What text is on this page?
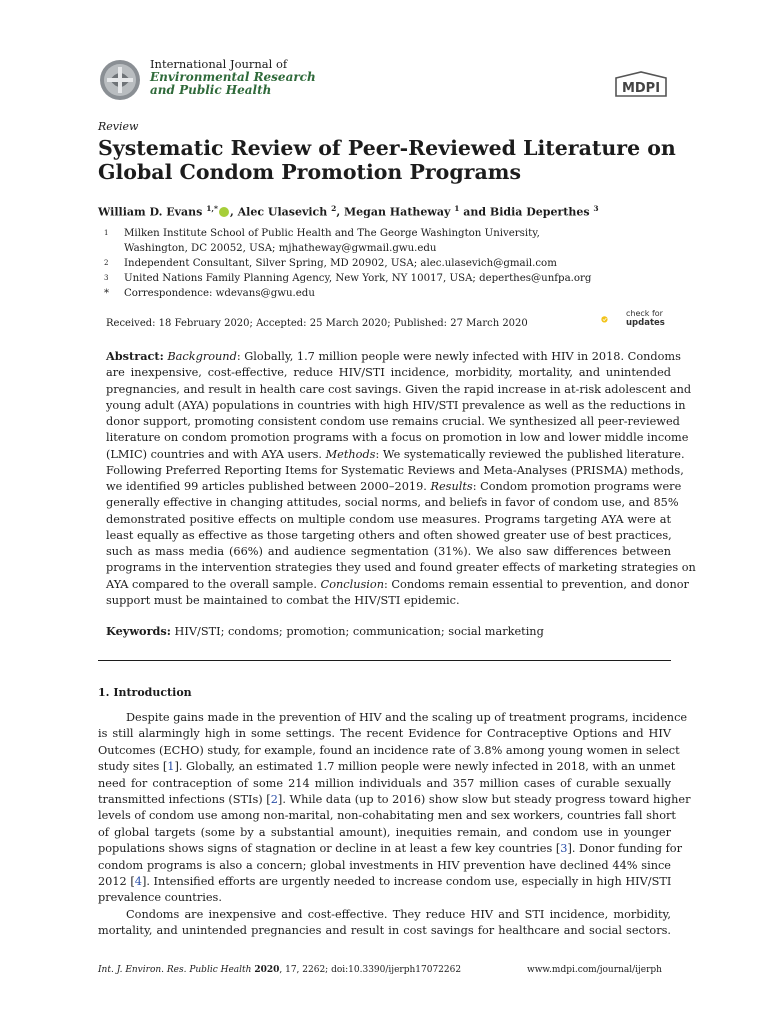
International Journal of
Environmental Research
and Public Health	MDPI
Review
Systematic Review of Peer-Reviewed Literature on
Global Condom Promotion Programs
William D. Evans $^{1,*}$ , Alec Ulasevich $^2$, Megan Hatheway $^1$ and Bidia Deperthes $^3$
1	Milken Institute School of Public Health and The George Washington University,
Washington, DC 20052, USA; mjhatheway@gwmail.gwu.edu
2	Independent Consultant, Silver Spring, MD 20902, USA; alec.ulasevich@gmail.com
3	United Nations Family Planning Agency, New York, NY 10017, USA; deperthes@unfpa.org
*	Correspondence: wdevans@gwu.edu
Received: 18 February 2020; Accepted: 25 March 2020; Published: 27 March 2020
check for
updates
Abstract: Background: Globally, 1.7 million people were newly infected with HIV in 2018. Condoms
are inexpensive, cost-effective, reduce HIV/STI incidence, morbidity, mortality, and unintended
pregnancies, and result in health care cost savings. Given the rapid increase in at-risk adolescent and
young adult (AYA) populations in countries with high HIV/STI prevalence as well as the reductions in
donor support, promoting consistent condom use remains crucial. We synthesized all peer-reviewed
literature on condom promotion programs with a focus on promotion in low and lower middle income
(LMIC) countries and with AYA users. Methods: We systematically reviewed the published literature.
Following Preferred Reporting Items for Systematic Reviews and Meta-Analyses (PRISMA) methods,
we identified 99 articles published between 2000–2019. Results: Condom promotion programs were
generally effective in changing attitudes, social norms, and beliefs in favor of condom use, and 85%
demonstrated positive effects on multiple condom use measures. Programs targeting AYA were at
least equally as effective as those targeting others and often showed greater use of best practices,
such as mass media (66%) and audience segmentation (31%). We also saw differences between
programs in the intervention strategies they used and found greater effects of marketing strategies on
AYA compared to the overall sample. Conclusion: Condoms remain essential to prevention, and donor
support must be maintained to combat the HIV/STI epidemic.
Keywords: HIV/STI; condoms; promotion; communication; social marketing
1. Introduction
Despite gains made in the prevention of HIV and the scaling up of treatment programs, incidence
is still alarmingly high in some settings. The recent Evidence for Contraceptive Options and HIV
Outcomes (ECHO) study, for example, found an incidence rate of 3.8% among young women in select
study sites [1]. Globally, an estimated 1.7 million people were newly infected in 2018, with an unmet
need for contraception of some 214 million individuals and 357 million cases of curable sexually
transmitted infections (STIs) [2]. While data (up to 2016) show slow but steady progress toward higher
levels of condom use among non-marital, non-cohabitating men and sex workers, countries fall short
of global targets (some by a substantial amount), inequities remain, and condom use in younger
populations shows signs of stagnation or decline in at least a few key countries [3]. Donor funding for
condom programs is also a concern; global investments in HIV prevention have declined 44% since
2012 [4]. Intensified efforts are urgently needed to increase condom use, especially in high HIV/STI
prevalence countries.
Condoms are inexpensive and cost-effective. They reduce HIV and STI incidence, morbidity,
mortality, and unintended pregnancies and result in cost savings for healthcare and social sectors.
Int. J. Environ. Res. Public Health 2020, 17, 2262; doi:10.3390/ijerph17072262	www.mdpi.com/journal/ijerph
